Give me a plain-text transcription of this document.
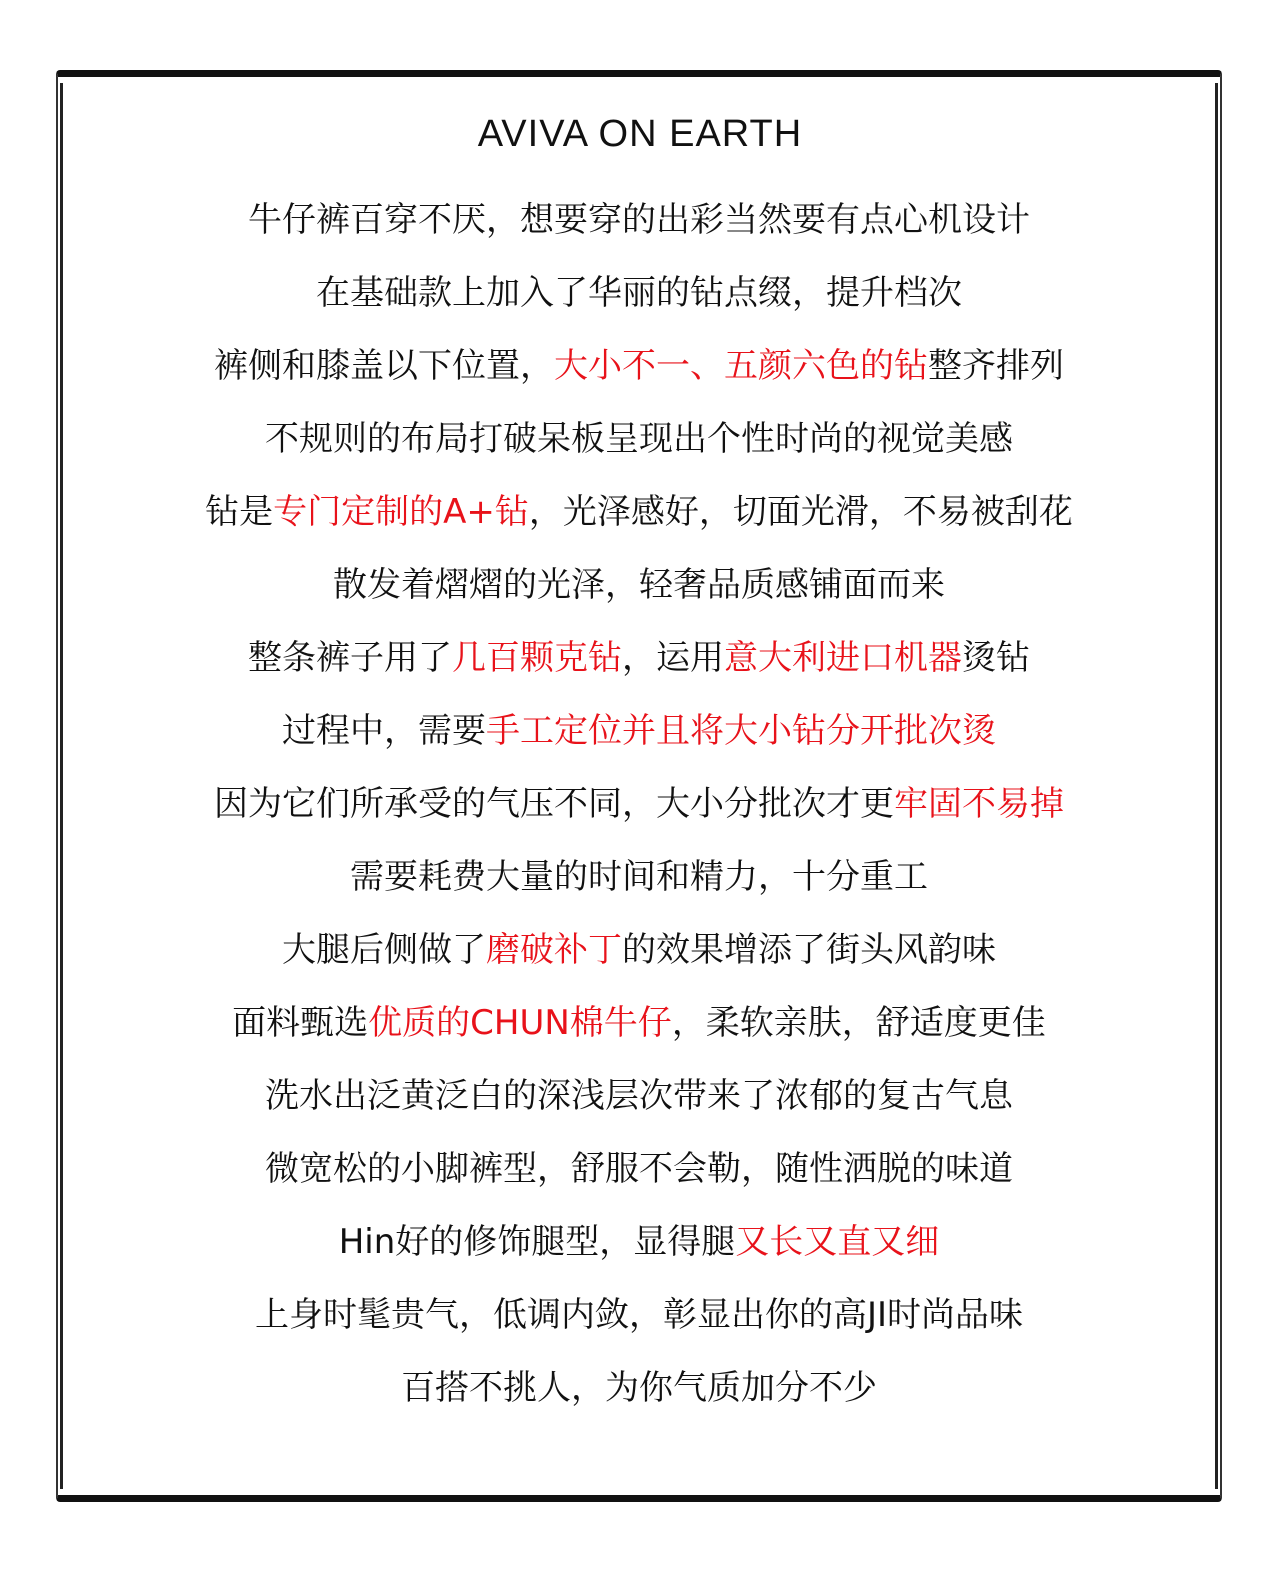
AVIVA ON EARTH
牛仔裤百穿不厌，想要穿的出彩当然要有点心机设计
在基础款上加入了华丽的钻点缀，提升档次
裤侧和膝盖以下位置，大小不一、五颜六色的钻整齐排列
不规则的布局打破呆板呈现出个性时尚的视觉美感
钻是专门定制的A+钻，光泽感好，切面光滑，不易被刮花
散发着熠熠的光泽，轻奢品质感铺面而来
整条裤子用了几百颗克钻，运用意大利进口机器烫钻
过程中，需要手工定位并且将大小钻分开批次烫
因为它们所承受的气压不同，大小分批次才更牢固不易掉
需要耗费大量的时间和精力，十分重工
大腿后侧做了磨破补丁的效果增添了街头风韵味
面料甄选优质的CHUN棉牛仔，柔软亲肤，舒适度更佳
洗水出泛黄泛白的深浅层次带来了浓郁的复古气息
微宽松的小脚裤型，舒服不会勒，随性洒脱的味道
Hin好的修饰腿型，显得腿又长又直又细
上身时髦贵气，低调内敛，彰显出你的高JI时尚品味
百搭不挑人，为你气质加分不少
